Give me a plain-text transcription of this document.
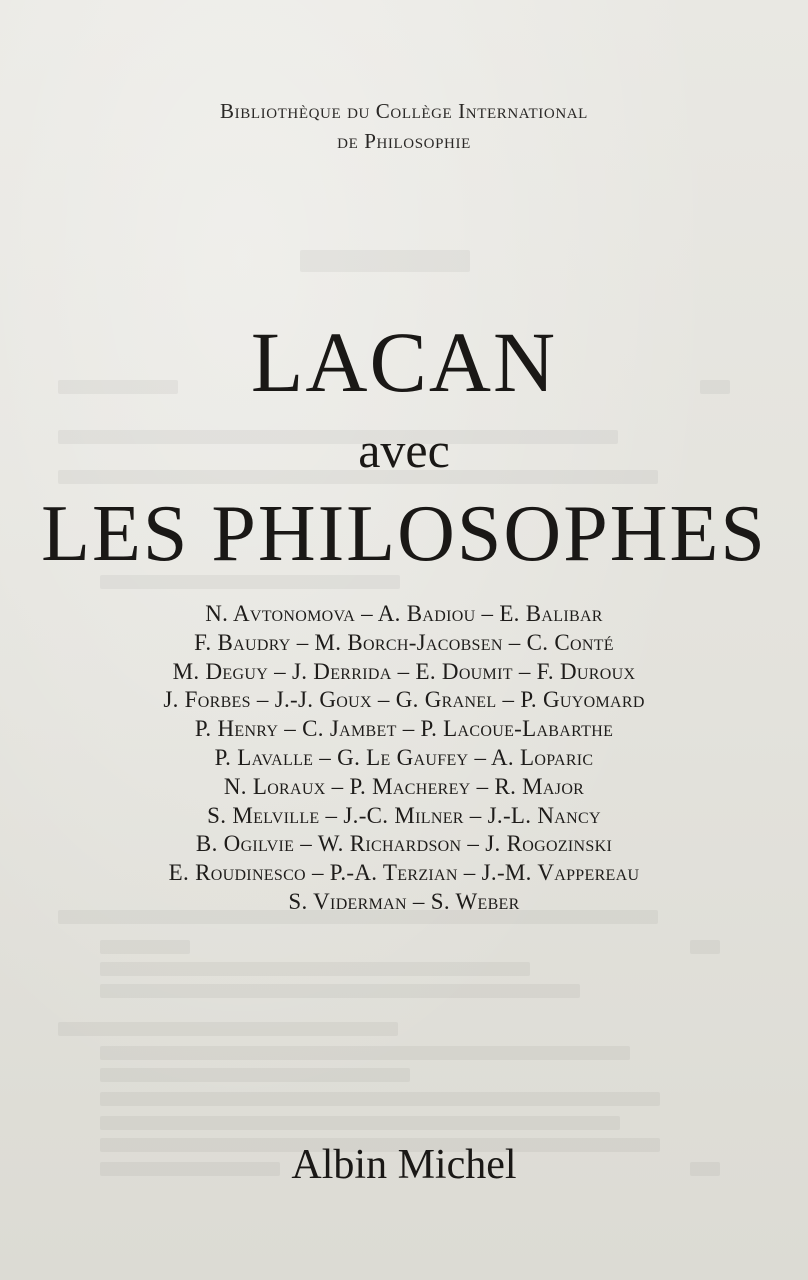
Bibliothèque du Collège International
de Philosophie
LACAN
avec
LES PHILOSOPHES
N. Avtonomova – A. Badiou – E. Balibar
F. Baudry – M. Borch-Jacobsen – C. Conté
M. Deguy – J. Derrida – E. Doumit – F. Duroux
J. Forbes – J.-J. Goux – G. Granel – P. Guyomard
P. Henry – C. Jambet – P. Lacoue-Labarthe
P. Lavalle – G. Le Gaufey – A. Loparic
N. Loraux – P. Macherey – R. Major
S. Melville – J.-C. Milner – J.-L. Nancy
B. Ogilvie – W. Richardson – J. Rogozinski
E. Roudinesco – P.-A. Terzian – J.-M. Vappereau
S. Viderman – S. Weber
Albin Michel
